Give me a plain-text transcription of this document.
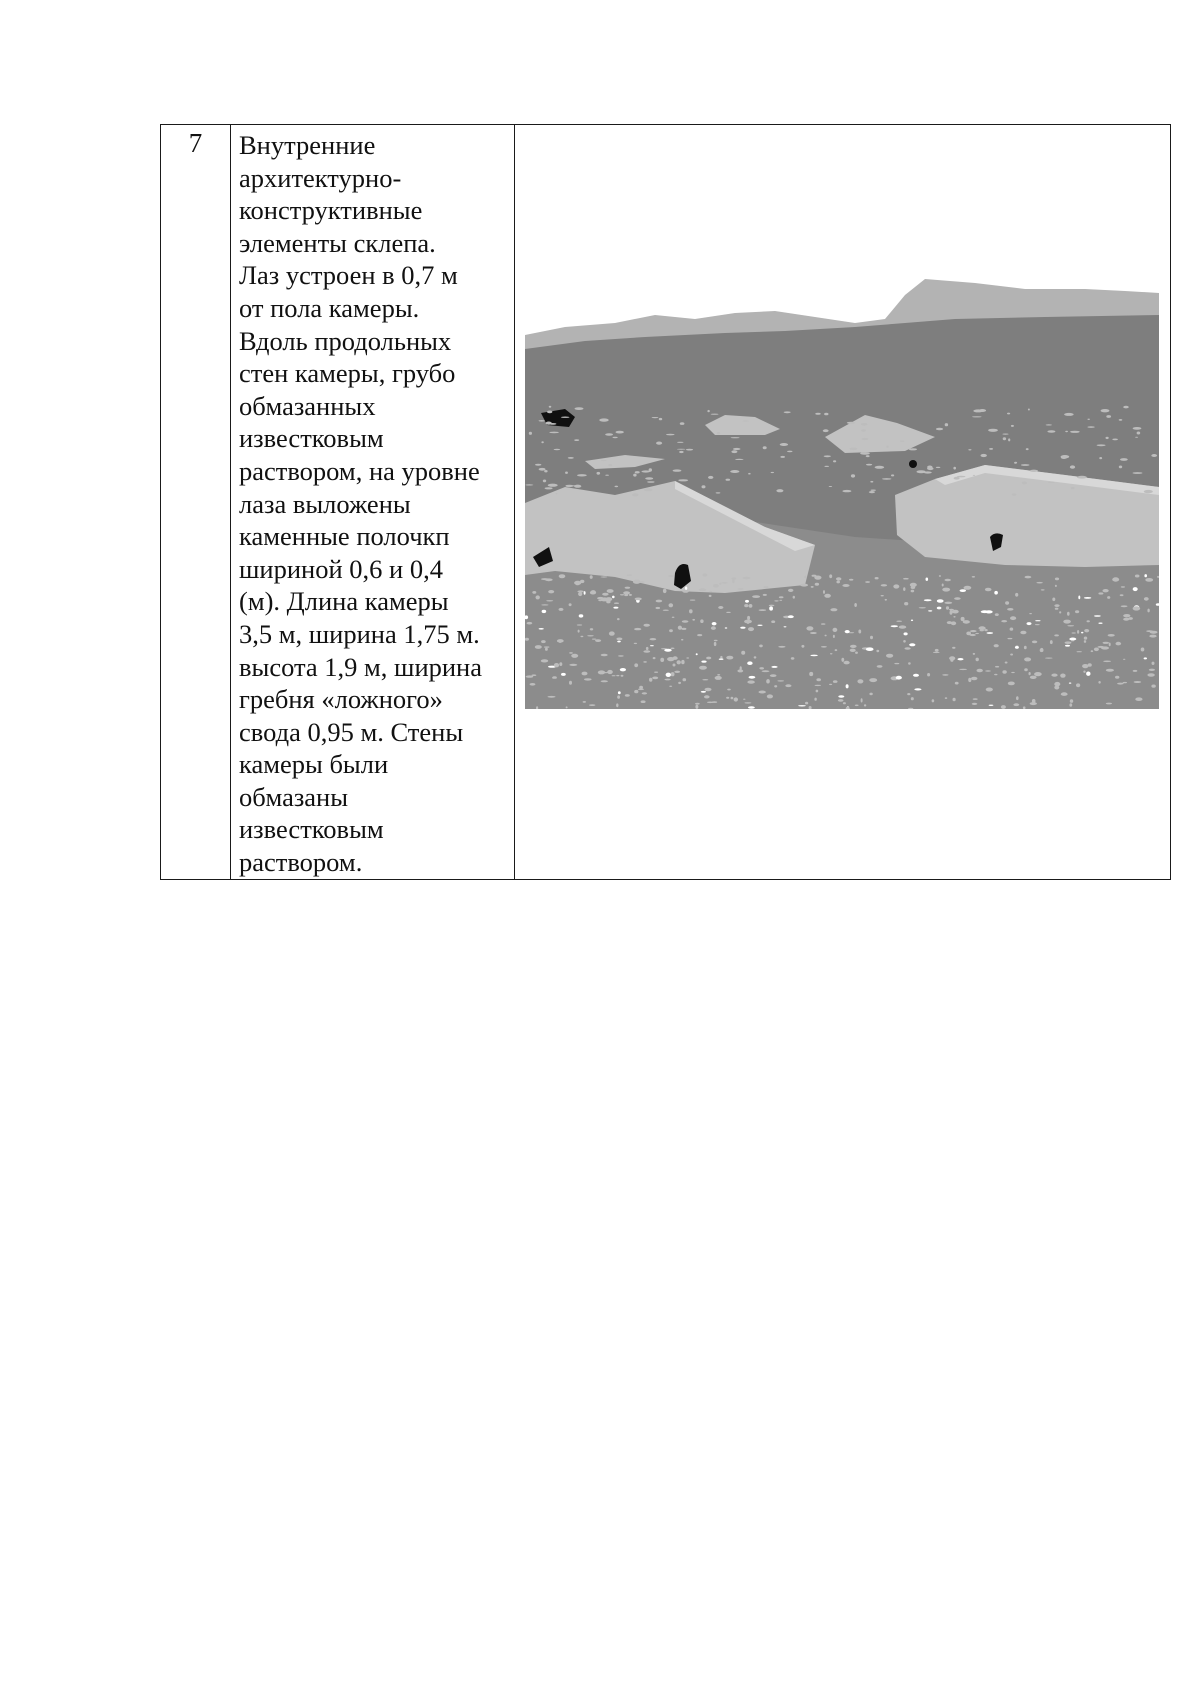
7	Внутренние
архитектурно-
конструктивные
элементы склепа.
Лаз устроен в 0,7 м
от пола камеры.
Вдоль продольных
стен камеры, грубо
обмазанных
известковым
раствором, на уровне
лаза выложены
каменные полочкп
шириной 0,6 и 0,4
(м). Длина камеры
3,5 м, ширина 1,75 м.
высота 1,9 м, ширина
гребня «ложного»
свода 0,95 м. Стены
камеры были
обмазаны
известковым
раствором.
